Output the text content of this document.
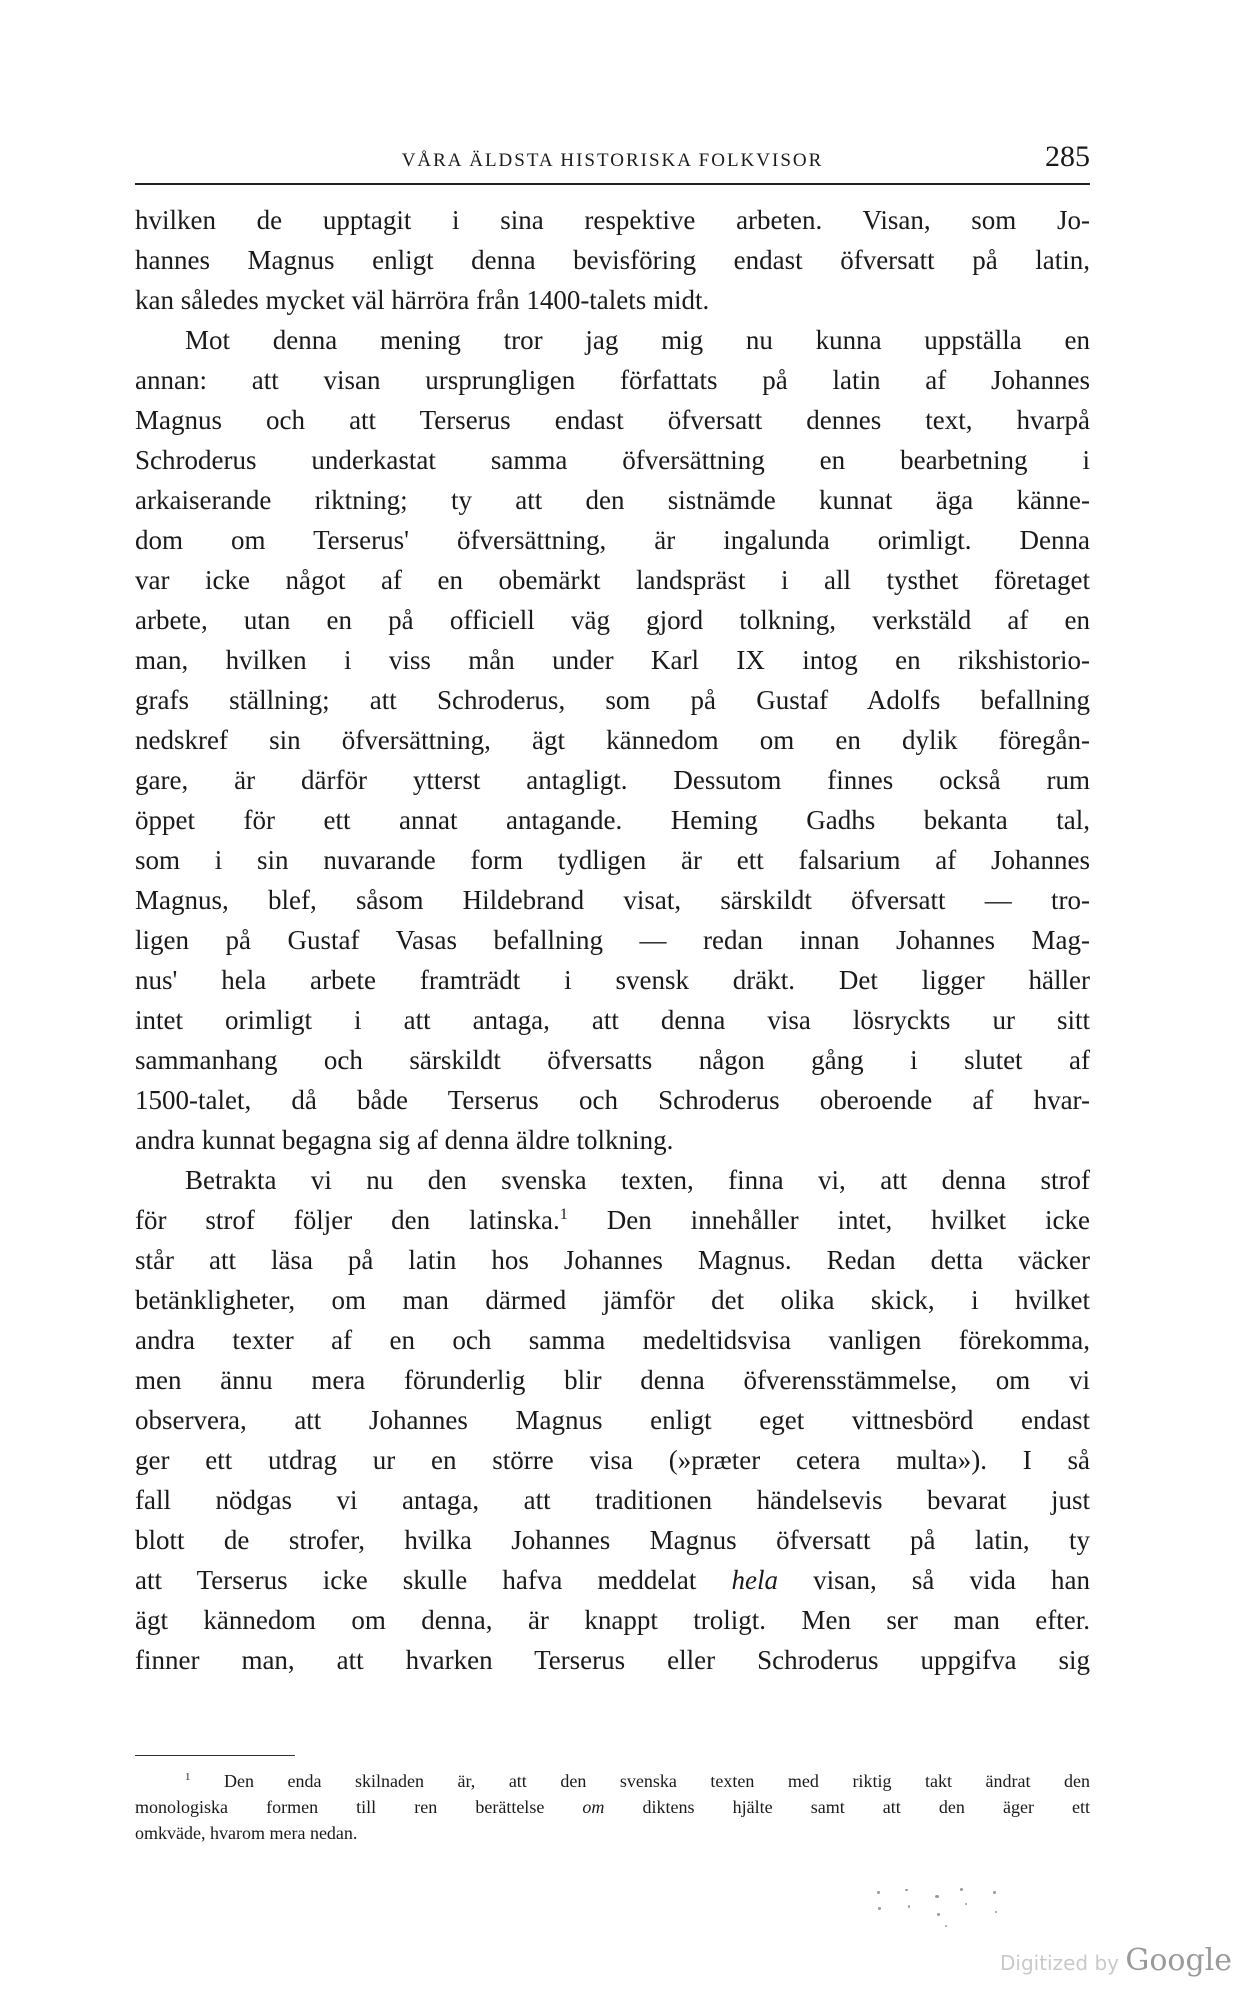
VÅRA ÄLDSTA HISTORISKA FOLKVISOR	285
hvilken de upptagit i sina respektive arbeten. Visan, som Jo-
hannes Magnus enligt denna bevisföring endast öfversatt på latin,
kan således mycket väl härröra från 1400-talets midt.
Mot denna mening tror jag mig nu kunna uppställa en
annan: att visan ursprungligen författats på latin af Johannes
Magnus och att Terserus endast öfversatt dennes text, hvarpå
Schroderus underkastat samma öfversättning en bearbetning i
arkaiserande riktning; ty att den sistnämde kunnat äga känne-
dom om Terserus' öfversättning, är ingalunda orimligt. Denna
var icke något af en obemärkt landspräst i all tysthet företaget
arbete, utan en på officiell väg gjord tolkning, verkstäld af en
man, hvilken i viss mån under Karl IX intog en rikshistorio-
grafs ställning; att Schroderus, som på Gustaf Adolfs befallning
nedskref sin öfversättning, ägt kännedom om en dylik föregån-
gare, är därför ytterst antagligt. Dessutom finnes också rum
öppet för ett annat antagande. Heming Gadhs bekanta tal,
som i sin nuvarande form tydligen är ett falsarium af Johannes
Magnus, blef, såsom Hildebrand visat, särskildt öfversatt — tro-
ligen på Gustaf Vasas befallning — redan innan Johannes Mag-
nus' hela arbete framträdt i svensk dräkt. Det ligger häller
intet orimligt i att antaga, att denna visa lösryckts ur sitt
sammanhang och särskildt öfversatts någon gång i slutet af
1500-talet, då både Terserus och Schroderus oberoende af hvar-
andra kunnat begagna sig af denna äldre tolkning.
Betrakta vi nu den svenska texten, finna vi, att denna strof
för strof följer den latinska.$^1$ Den innehåller intet, hvilket icke
står att läsa på latin hos Johannes Magnus. Redan detta väcker
betänkligheter, om man därmed jämför det olika skick, i hvilket
andra texter af en och samma medeltidsvisa vanligen förekomma,
men ännu mera förunderlig blir denna öfverensstämmelse, om vi
observera, att Johannes Magnus enligt eget vittnesbörd endast
ger ett utdrag ur en större visa (»præter cetera multa»). I så
fall nödgas vi antaga, att traditionen händelsevis bevarat just
blott de strofer, hvilka Johannes Magnus öfversatt på latin, ty
att Terserus icke skulle hafva meddelat hela visan, så vida han
ägt kännedom om denna, är knappt troligt. Men ser man efter.
finner man, att hvarken Terserus eller Schroderus uppgifva sig
$^1$ Den enda skilnaden är, att den svenska texten med riktig takt ändrat den
monologiska formen till ren berättelse om diktens hjälte samt att den äger ett
omkväde, hvarom mera nedan.
Digitized by Google
